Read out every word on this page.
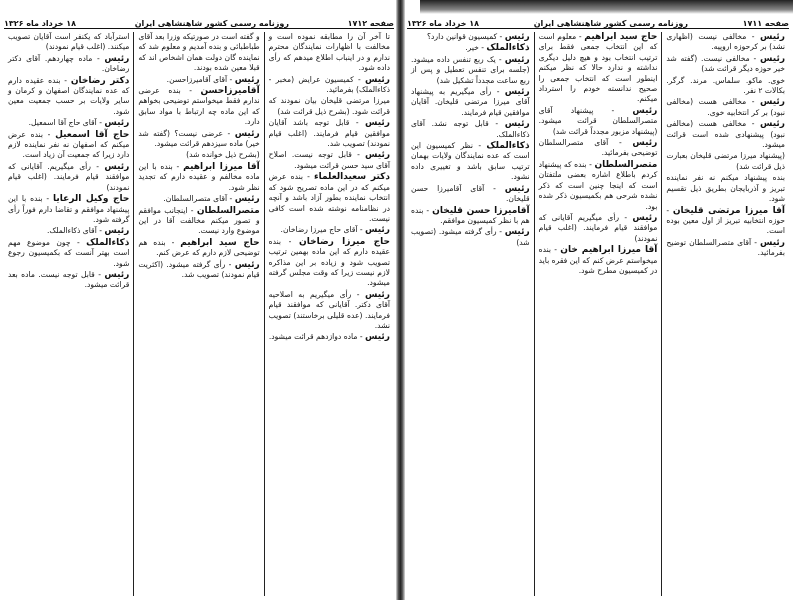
صفحه ۱۷۱۲
روزنامه رسمی کشور شاهنشاهی ایران
۱۸ خرداد ماه ۱۳۲۶

تا آخر آن را مطابقه نموده است و مخالفت با اظهارات نمایندگان محترم ندارم و در اینباب اطلاع میدهم که رأی داده شود.

رئیس - کمیسیون عرایض (مخبر - ذکاءالملک) بفرمائید.

میرزا مرتضی قلیخان بیان نمودند که قرائت شود. (بشرح ذیل قرائت شد)

رئیس - قابل توجه باشد آقایان موافقین قیام فرمایند. (اغلب قیام نمودند) تصویب شد.

رئیس - قابل توجه نیست. اصلاح آقای سید حسن قرائت میشود.

دکتر سعیدالعلماء - بنده عرض میکنم که در این ماده تصریح شود که انتخاب نماینده بطور آزاد باشد و آنچه در نظامنامه نوشته شده است کافی نیست.

رئیس - آقای حاج میرزا رضاخان.

حاج میرزا رضاخان - بنده عقیده دارم که این ماده بهمین ترتیب تصویب شود و زیاده بر این مذاکره لازم نیست زیرا که وقت مجلس گرفته میشود.

رئیس - رأی میگیریم به اصلاحیه آقای دکتر. آقایانی که موافقند قیام فرمایند. (عده قلیلی برخاستند) تصویب نشد.

رئیس - ماده دوازدهم قرائت میشود.

و گفته است در صورتیکه وزرا بعد آقای طباطبائی و بنده آمدیم و معلوم شد که نماینده گان دولت همان اشخاص اند که قبلا معین شده بودند.

رئیس - آقای آقامیرزاحسن.

آقامیرزاحسن - بنده عرضی ندارم فقط میخواستم توضیحی بخواهم که این ماده چه ارتباط با مواد سابق دارد.

رئیس - عرضی نیست؟ (گفته شد خیر) ماده سیزدهم قرائت میشود.

(بشرح ذیل خوانده شد)

آقا میرزا ابراهیم - بنده با این ماده مخالفم و عقیده دارم که تجدید نظر شود.

رئیس - آقای متصرالسلطان.

متصرالسلطان - اینجانب موافقم و تصور میکنم مخالفت آقا در این موضوع وارد نیست.

حاج سید ابراهیم - بنده هم توضیحی لازم دارم که عرض کنم.

رئیس - رأی گرفته میشود. (اکثریت قیام نمودند) تصویب شد.

استرآباد که یکنفر است آقایان تصویب میکنند. (اغلب قیام نمودند)

رئیس - ماده چهاردهم. آقای دکتر رضاخان.

دکتر رضاخان - بنده عقیده دارم که عده نمایندگان اصفهان و کرمان و سایر ولایات بر حسب جمعیت معین شود.

رئیس - آقای حاج آقا اسمعیل.

حاج آقا اسمعیل - بنده عرض میکنم که اصفهان نه نفر نماینده لازم دارد زیرا که جمعیت آن زیاد است.

رئیس - رأی میگیریم. آقایانی که موافقند قیام فرمایند. (اغلب قیام نمودند)

حاج وکیل الرعایا - بنده با این پیشنهاد موافقم و تقاضا دارم فوراً رأی گرفته شود.

رئیس - آقای ذکاءالملک.

ذکاءالملک - چون موضوع مهم است بهتر آنست که بکمیسیون رجوع شود.

رئیس - قابل توجه نیست. ماده بعد قرائت میشود.

صفحه ۱۷۱۱
روزنامه رسمی کشور شاهنشاهی ایران
۱۸ خرداد ماه ۱۳۲۶

رئیس - مخالفی نیست (اظهاری نشد) بر کرحوزه اروپیه.

رئیس - مخالفی نیست. (گفته شد خیر حوزه دیگر قرائت شد)

خوی. ماکو. سلماس. مرند. گرگر. بکالات ۲ نفر.

رئیس - مخالفی هست (مخالفی نبود) بر کر انتخابیه خوی.

رئیس - مخالفی هست (مخالفی نبود) پیشنهادی شده است قرائت میشود.

(پیشنهاد میرزا مرتضی قلیخان بعبارت ذیل قرائت شد)

بنده پیشنهاد میکنم نه نفر نماینده تبریز و آذربایجان بطریق ذیل تقسیم شود.

آقا میرزا مرتضی قلیخان - حوزه انتخابیه تبریز از اول معین بوده است.

رئیس - آقای متصرالسلطان توضیح بفرمائید.

حاج سید ابراهیم - معلوم است که این انتخاب جمعی فقط برای ترتیب انتخاب بود و هیچ دلیل دیگری نداشته و ندارد حالا که نظر میکنم اینطور است که انتخاب جمعی را صحیح ندانسته خودم را استرداد میکنم.

رئیس - پیشنهاد آقای متصرالسلطان قرائت میشود. (پیشنهاد مزبور مجدداً قرائت شد)

رئیس - آقای متصرالسلطان توضیحی بفرمائید.

متصرالسلطان - بنده که پیشنهاد کردم باطلاع اشاره بعضی ملتفتان است که اینجا چنین است که ذکر نشده شرحی هم بکمیسیون ذکر شده بود.

رئیس - رأی میگیریم آقایانی که موافقند قیام فرمایند. (اغلب قیام نمودند)

آقا میرزا ابراهیم خان - بنده میخواستم عرض کنم که این فقره باید در کمیسیون مطرح شود.

رئیس - کمیسیون قوانین دارد؟

ذکاءالملک - خیر.

رئیس - یک ربع تنفس داده میشود. (جلسه برای تنفس تعطیل و پس از ربع ساعت مجدداً تشکیل شد)

رئیس - رأی میگیریم به پیشنهاد آقای میرزا مرتضی قلیخان. آقایان موافقین قیام فرمایند.

رئیس - قابل توجه نشد. آقای ذکاءالملک.

ذکاءالملک - نظر کمیسیون این است که عده نمایندگان ولایات بهمان ترتیب سابق باشد و تغییری داده نشود.

رئیس - آقای آقامیرزا حسن قلیخان.

آقامیرزا حسن قلیخان - بنده هم با نظر کمیسیون موافقم.

رئیس - رأی گرفته میشود. (تصویب شد)
